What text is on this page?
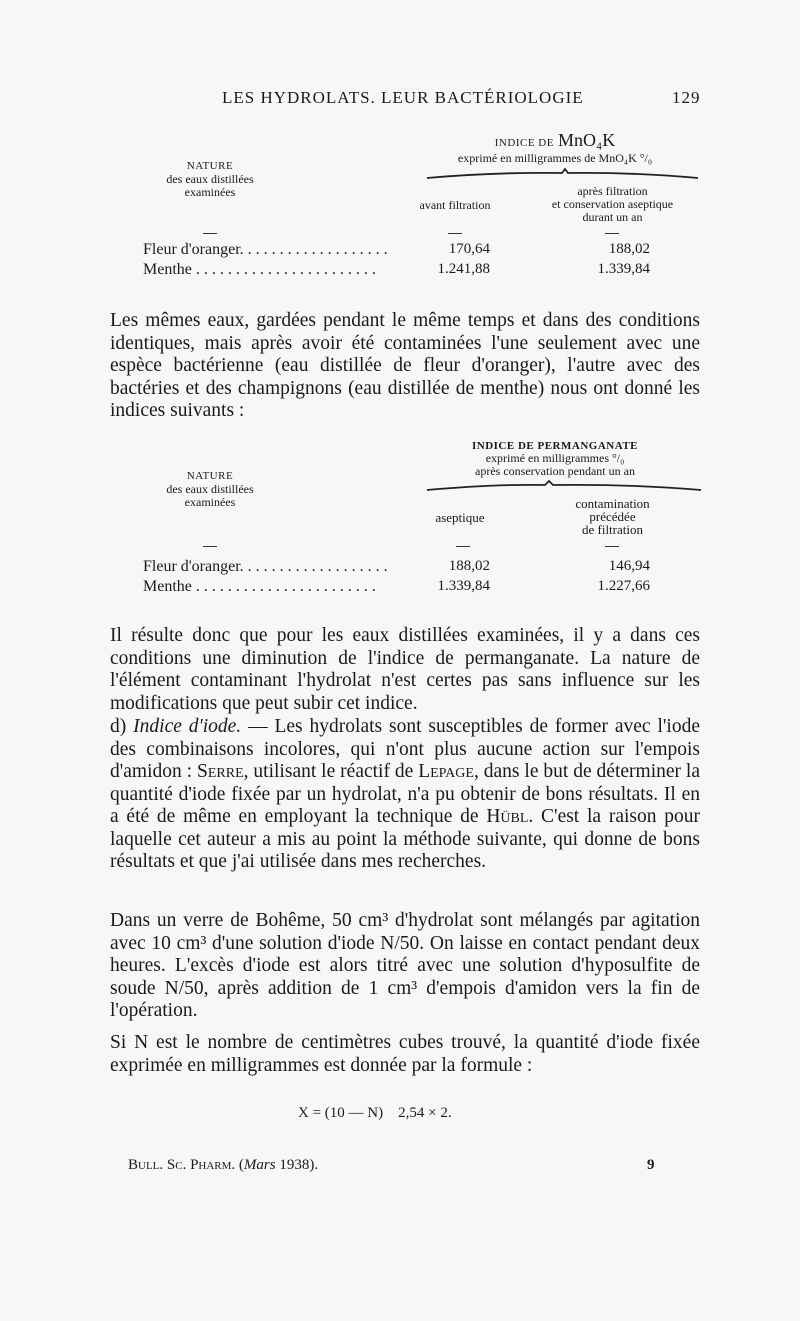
LES HYDROLATS. LEUR BACTÉRIOLOGIE	129
INDICE DE MnO₄K
exprimé en milligrammes de MnO₄K °/₀
NATURE
des eaux distillées
examinées
avant filtration
après filtration
et conservation aseptique
durant un an
Fleur d'oranger. . . . . . . . . . . . . . . . . . .	170,64	188,02
Menthe . . . . . . . . . . . . . . . . . . . . . . .	1.241,88	1.339,84

Les mêmes eaux, gardées pendant le même temps et dans des conditions identiques, mais après avoir été contaminées l'une seulement avec une espèce bactérienne (eau distillée de fleur d'oranger), l'autre avec des bactéries et des champignons (eau distillée de menthe) nous ont donné les indices suivants :

INDICE DE PERMANGANATE
exprimé en milligrammes °/₀
après conservation pendant un an
NATURE
des eaux distillées
examinées
aseptique
contamination
précédée
de filtration
Fleur d'oranger. . . . . . . . . . . . . . . . . . .	188,02	146,94
Menthe . . . . . . . . . . . . . . . . . . . . . . .	1.339,84	1.227,66

Il résulte donc que pour les eaux distillées examinées, il y a dans ces conditions une diminution de l'indice de permanganate. La nature de l'élément contaminant l'hydrolat n'est certes pas sans influence sur les modifications que peut subir cet indice.

d) Indice d'iode. — Les hydrolats sont susceptibles de former avec l'iode des combinaisons incolores, qui n'ont plus aucune action sur l'empois d'amidon : Serre, utilisant le réactif de Lepage, dans le but de déterminer la quantité d'iode fixée par un hydrolat, n'a pu obtenir de bons résultats. Il en a été de même en employant la technique de Hübl. C'est la raison pour laquelle cet auteur a mis au point la méthode suivante, qui donne de bons résultats et que j'ai utilisée dans mes recherches.

Dans un verre de Bohême, 50 cm³ d'hydrolat sont mélangés par agitation avec 10 cm³ d'une solution d'iode N/50. On laisse en contact pendant deux heures. L'excès d'iode est alors titré avec une solution d'hyposulfite de soude N/50, après addition de 1 cm³ d'empois d'amidon vers la fin de l'opération.

Si N est le nombre de centimètres cubes trouvé, la quantité d'iode fixée exprimée en milligrammes est donnée par la formule :

X = (10 — N)    2,54 × 2.
Bull. Sc. Pharm. (Mars 1938).	9
